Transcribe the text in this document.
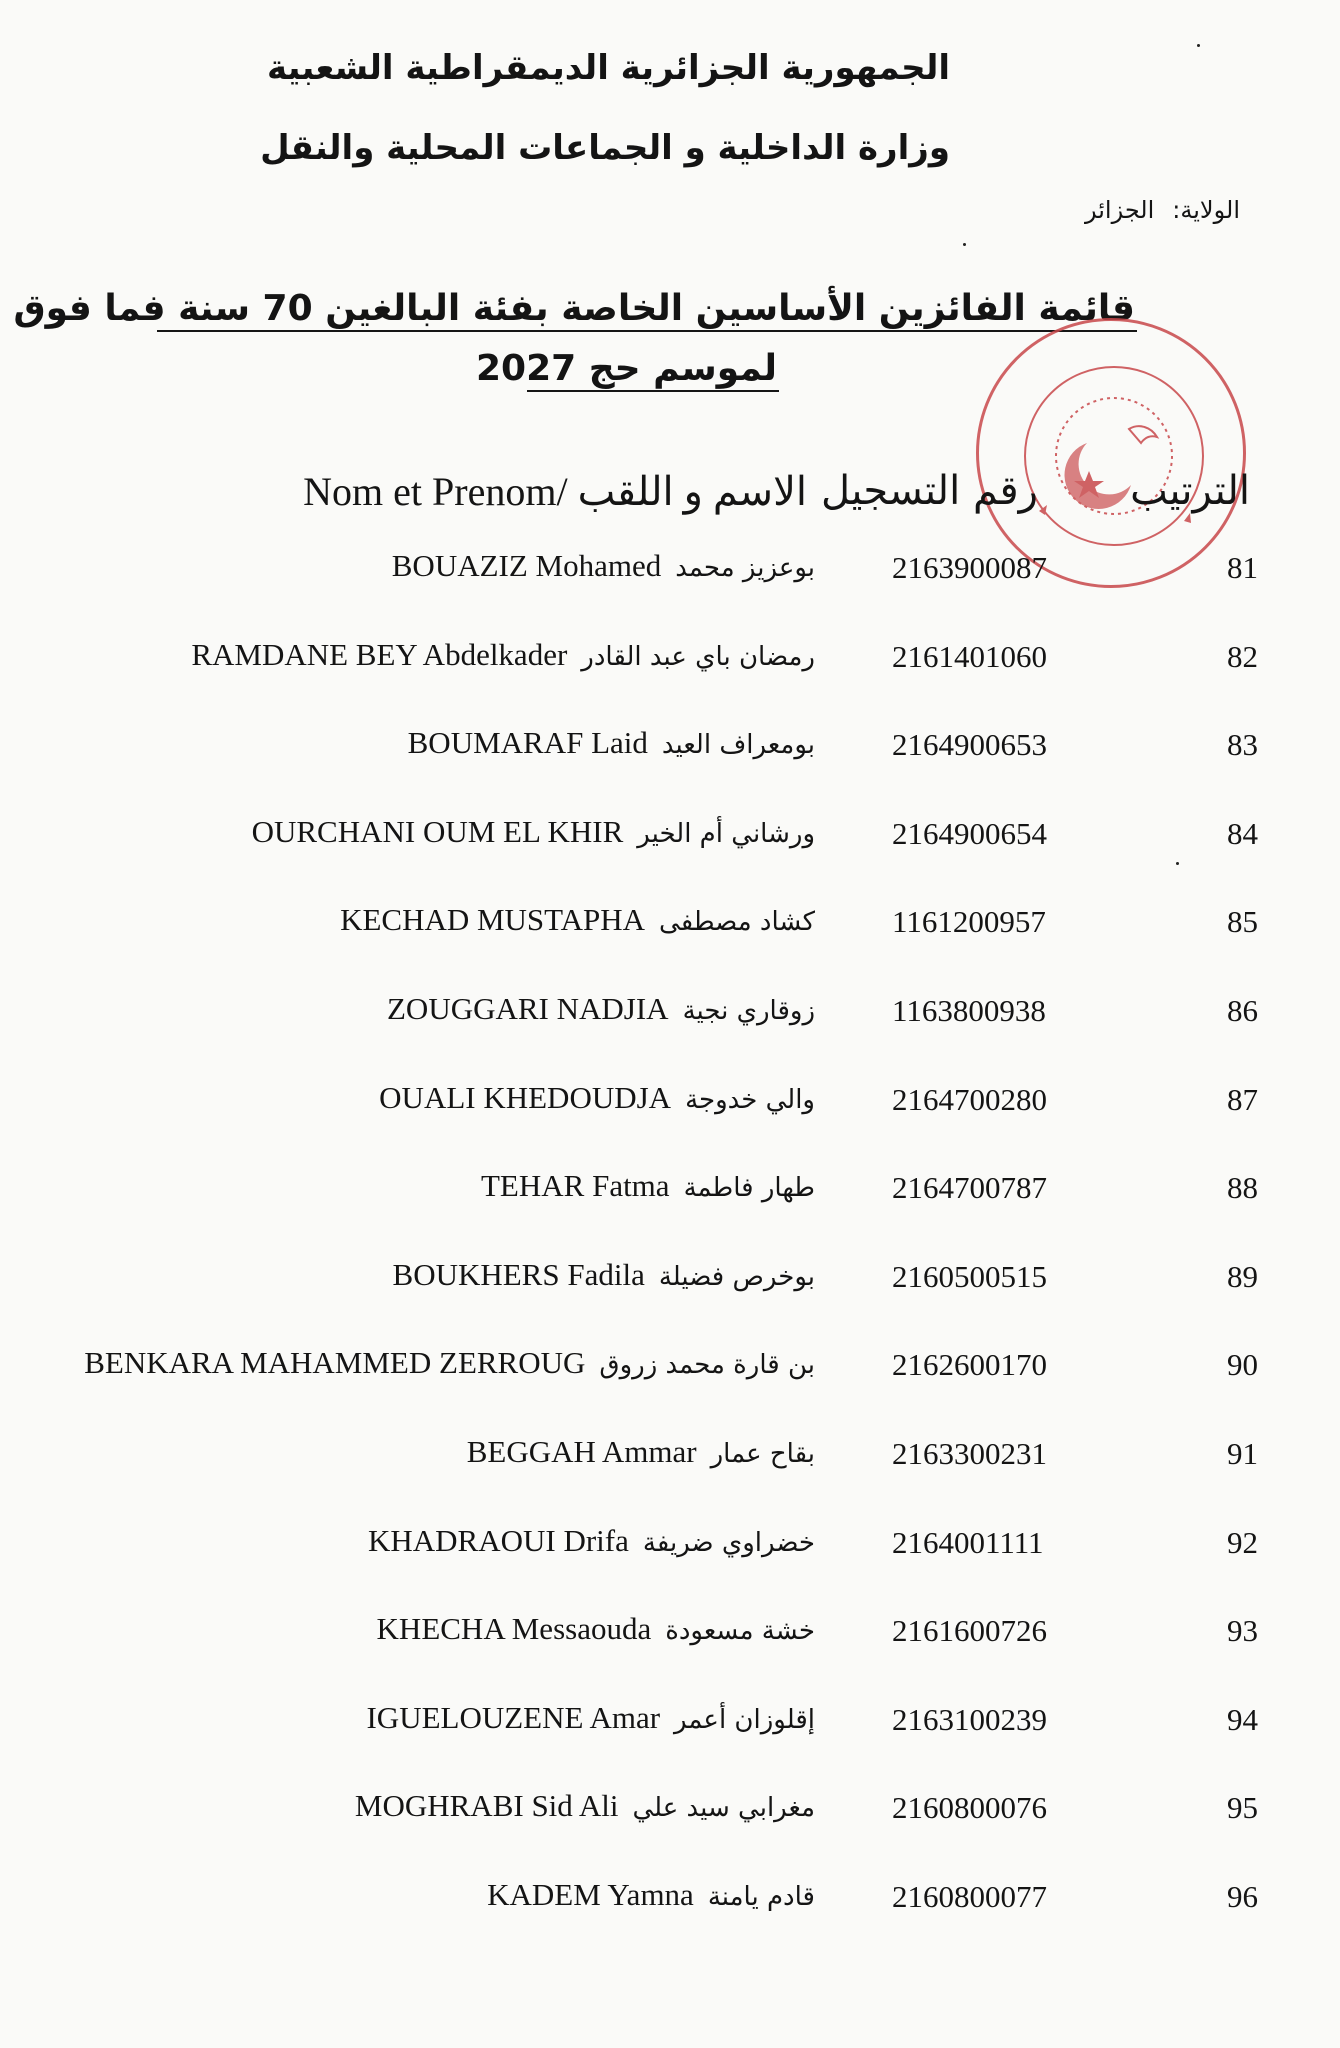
الجمهورية الجزائرية الديمقراطية الشعبية
وزارة الداخلية و الجماعات المحلية والنقل
الولاية:الجزائر
قائمة الفائزين الأساسين الخاصة بفئة البالغين 70 سنة فما فوق
لموسم حج 2027
الترتيب
رقم التسجيل
Nom et Prenom/ الاسم و اللقب
BOUAZIZ Mohamed بوعزيز محمد 2163900087	81
RAMDANE BEY Abdelkader رمضان باي عبد القادر 2161401060	82
BOUMARAF Laid بومعراف العيد 2164900653	83
OURCHANI OUM EL KHIR ورشاني أم الخير 2164900654	84
KECHAD MUSTAPHA كشاد مصطفى 1161200957	85
ZOUGGARI NADJIA زوقاري نجية 1163800938	86
OUALI KHEDOUDJA والي خدوجة 2164700280	87
TEHAR Fatma طهار فاطمة 2164700787	88
BOUKHERS Fadila بوخرص فضيلة 2160500515	89
BENKARA MAHAMMED ZERROUG بن قارة محمد زروق 2162600170	90
BEGGAH Ammar بقاح عمار 2163300231	91
KHADRAOUI Drifa خضراوي ضريفة 2164001111	92
KHECHA Messaouda خشة مسعودة 2161600726	93
IGUELOUZENE Amar إقلوزان أعمر 2163100239	94
MOGHRABI Sid Ali مغرابي سيد علي 2160800076	95
KADEM Yamna قادم يامنة 2160800077	96
